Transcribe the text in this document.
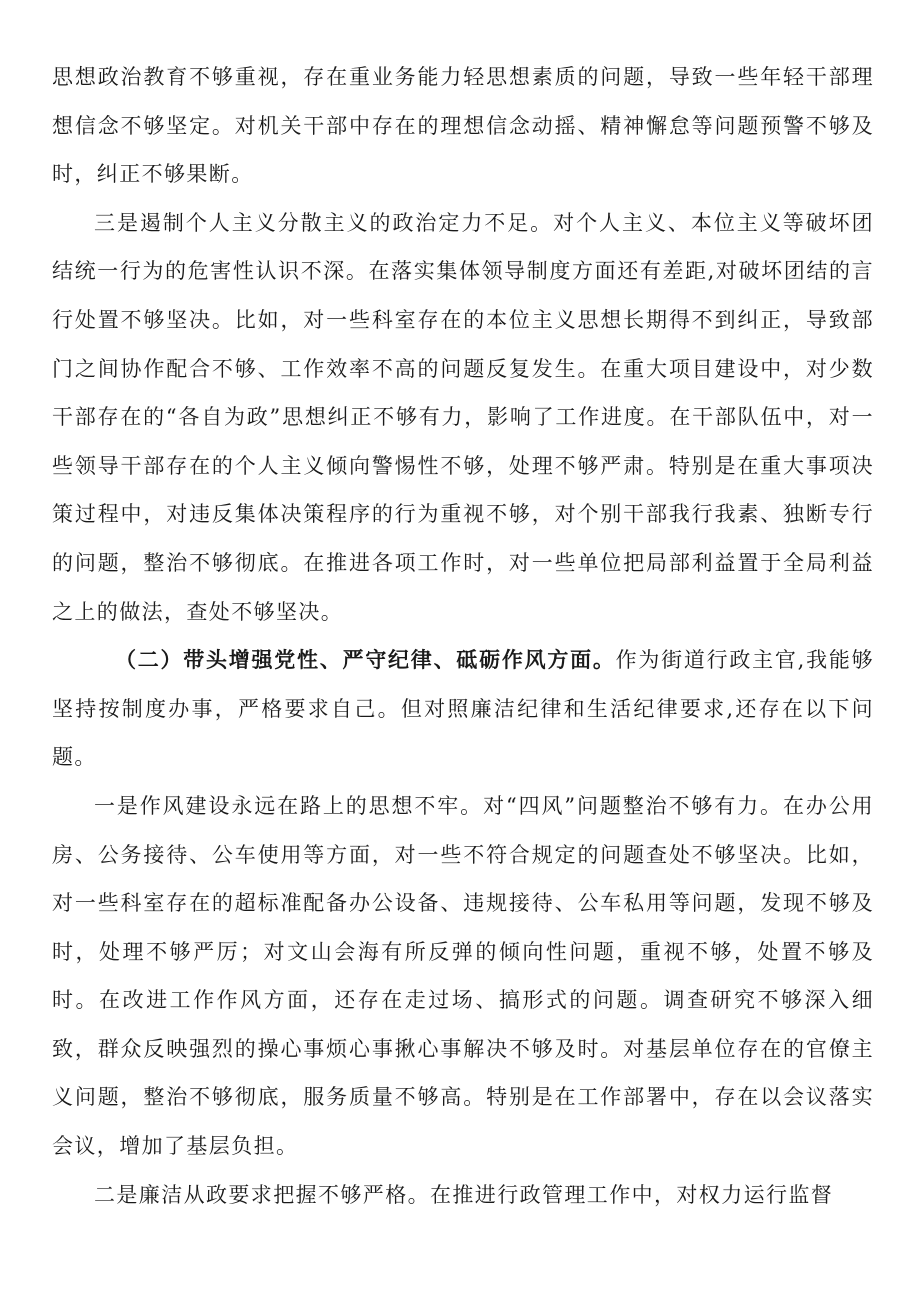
思想政治教育不够重视，存在重业务能力轻思想素质的问题，导致一些年轻干部理想信念不够坚定。对机关干部中存在的理想信念动摇、精神懈怠等问题预警不够及时，纠正不够果断。

三是遏制个人主义分散主义的政治定力不足。对个人主义、本位主义等破坏团结统一行为的危害性认识不深。在落实集体领导制度方面还有差距,对破坏团结的言行处置不够坚决。比如，对一些科室存在的本位主义思想长期得不到纠正，导致部门之间协作配合不够、工作效率不高的问题反复发生。在重大项目建设中，对少数干部存在的“各自为政”思想纠正不够有力，影响了工作进度。在干部队伍中，对一些领导干部存在的个人主义倾向警惕性不够，处理不够严肃。特别是在重大事项决策过程中，对违反集体决策程序的行为重视不够，对个别干部我行我素、独断专行的问题，整治不够彻底。在推进各项工作时，对一些单位把局部利益置于全局利益之上的做法，查处不够坚决。

（二）带头增强党性、严守纪律、砥砺作风方面。作为街道行政主官,我能够坚持按制度办事，严格要求自己。但对照廉洁纪律和生活纪律要求,还存在以下问题。

一是作风建设永远在路上的思想不牢。对“四风”问题整治不够有力。在办公用房、公务接待、公车使用等方面，对一些不符合规定的问题查处不够坚决。比如，对一些科室存在的超标准配备办公设备、违规接待、公车私用等问题，发现不够及时，处理不够严厉；对文山会海有所反弹的倾向性问题，重视不够，处置不够及时。在改进工作作风方面，还存在走过场、搞形式的问题。调查研究不够深入细致，群众反映强烈的操心事烦心事揪心事解决不够及时。对基层单位存在的官僚主义问题，整治不够彻底，服务质量不够高。特别是在工作部署中，存在以会议落实会议，增加了基层负担。

二是廉洁从政要求把握不够严格。在推进行政管理工作中，对权力运行监督
